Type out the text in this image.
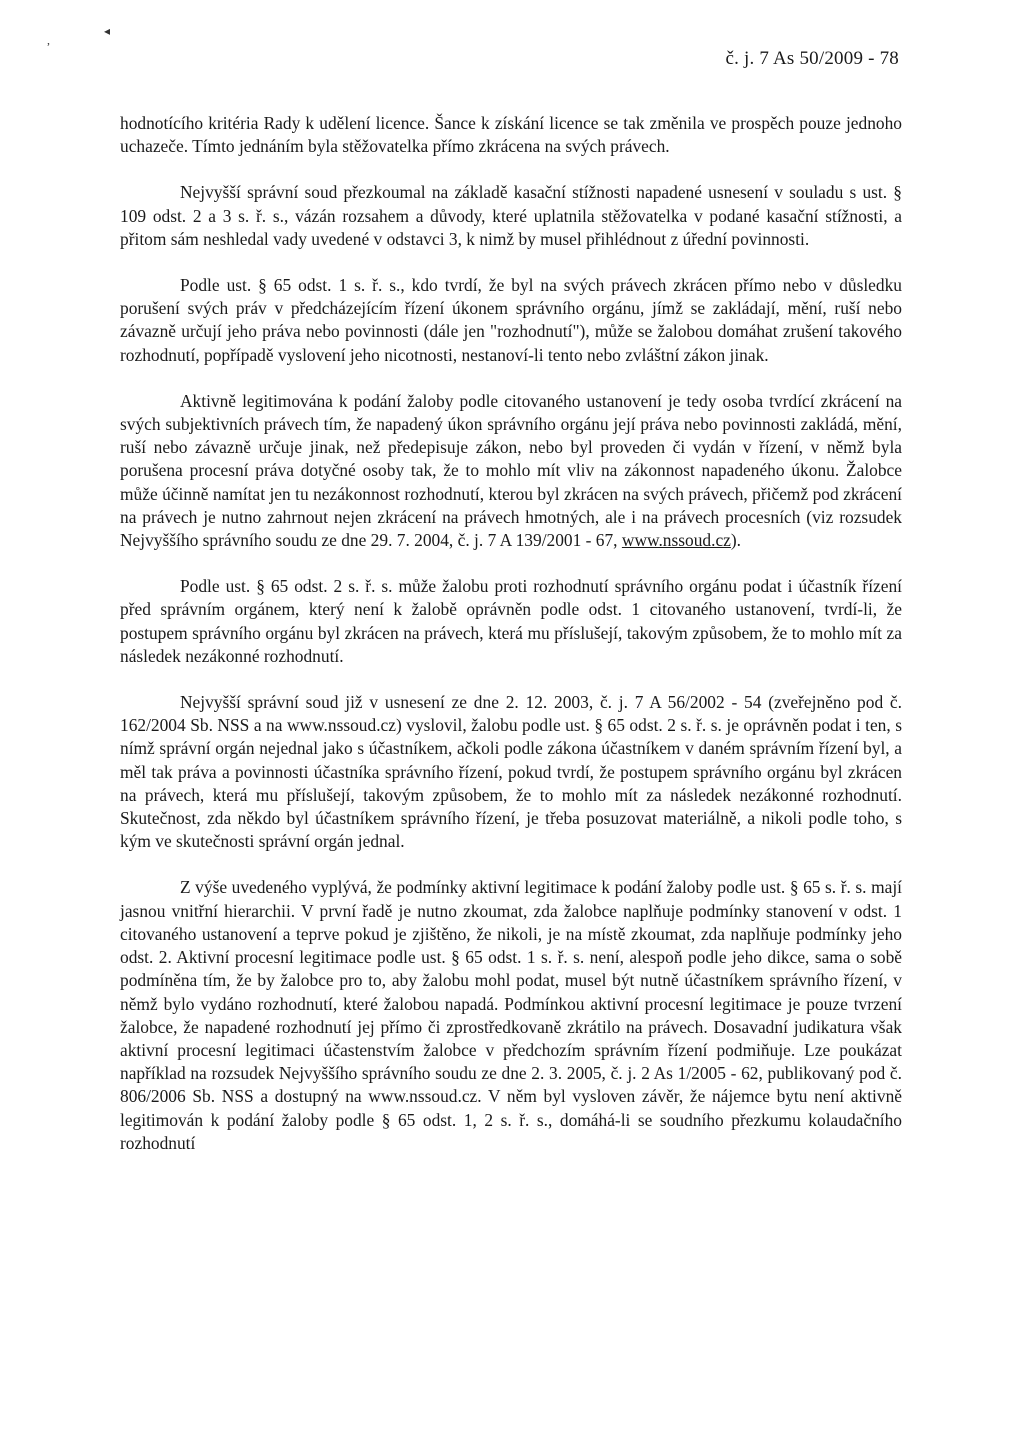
,
◂
č. j. 7 As 50/2009 - 78

hodnotícího kritéria Rady k udělení licence. Šance k získání licence se tak změnila ve prospěch pouze jednoho uchazeče. Tímto jednáním byla stěžovatelka přímo zkrácena na svých právech.

Nejvyšší správní soud přezkoumal na základě kasační stížnosti napadené usnesení v souladu s ust. § 109 odst. 2 a 3 s. ř. s., vázán rozsahem a důvody, které uplatnila stěžovatelka v podané kasační stížnosti, a přitom sám neshledal vady uvedené v odstavci 3, k nimž by musel přihlédnout z úřední povinnosti.

Podle ust. § 65 odst. 1 s. ř. s., kdo tvrdí, že byl na svých právech zkrácen přímo nebo v důsledku porušení svých práv v předcházejícím řízení úkonem správního orgánu, jímž se zakládají, mění, ruší nebo závazně určují jeho práva nebo povinnosti (dále jen "rozhodnutí"), může se žalobou domáhat zrušení takového rozhodnutí, popřípadě vyslovení jeho nicotnosti, nestanoví-li tento nebo zvláštní zákon jinak.

Aktivně legitimována k podání žaloby podle citovaného ustanovení je tedy osoba tvrdící zkrácení na svých subjektivních právech tím, že napadený úkon správního orgánu její práva nebo povinnosti zakládá, mění, ruší nebo závazně určuje jinak, než předepisuje zákon, nebo byl proveden či vydán v řízení, v němž byla porušena procesní práva dotyčné osoby tak, že to mohlo mít vliv na zákonnost napadeného úkonu. Žalobce může účinně namítat jen tu nezákonnost rozhodnutí, kterou byl zkrácen na svých právech, přičemž pod zkrácení na právech je nutno zahrnout nejen zkrácení na právech hmotných, ale i na právech procesních (viz rozsudek Nejvyššího správního soudu ze dne 29. 7. 2004, č. j. 7 A 139/2001 - 67, www.nssoud.cz).

Podle ust. § 65 odst. 2 s. ř. s. může žalobu proti rozhodnutí správního orgánu podat i účastník řízení před správním orgánem, který není k žalobě oprávněn podle odst. 1 citovaného ustanovení, tvrdí-li, že postupem správního orgánu byl zkrácen na právech, která mu příslušejí, takovým způsobem, že to mohlo mít za následek nezákonné rozhodnutí.

Nejvyšší správní soud již v usnesení ze dne 2. 12. 2003, č. j. 7 A 56/2002 - 54 (zveřejněno pod č. 162/2004 Sb. NSS a na www.nssoud.cz) vyslovil, žalobu podle ust. § 65 odst. 2 s. ř. s. je oprávněn podat i ten, s nímž správní orgán nejednal jako s účastníkem, ačkoli podle zákona účastníkem v daném správním řízení byl, a měl tak práva a povinnosti účastníka správního řízení, pokud tvrdí, že postupem správního orgánu byl zkrácen na právech, která mu příslušejí, takovým způsobem, že to mohlo mít za následek nezákonné rozhodnutí. Skutečnost, zda někdo byl účastníkem správního řízení, je třeba posuzovat materiálně, a nikoli podle toho, s kým ve skutečnosti správní orgán jednal.

Z výše uvedeného vyplývá, že podmínky aktivní legitimace k podání žaloby podle ust. § 65 s. ř. s. mají jasnou vnitřní hierarchii. V první řadě je nutno zkoumat, zda žalobce naplňuje podmínky stanovení v odst. 1 citovaného ustanovení a teprve pokud je zjištěno, že nikoli, je na místě zkoumat, zda naplňuje podmínky jeho odst. 2. Aktivní procesní legitimace podle ust. § 65 odst. 1 s. ř. s. není, alespoň podle jeho dikce, sama o sobě podmíněna tím, že by žalobce pro to, aby žalobu mohl podat, musel být nutně účastníkem správního řízení, v němž bylo vydáno rozhodnutí, které žalobou napadá. Podmínkou aktivní procesní legitimace je pouze tvrzení žalobce, že napadené rozhodnutí jej přímo či zprostředkovaně zkrátilo na právech. Dosavadní judikatura však aktivní procesní legitimaci účastenstvím žalobce v předchozím správním řízení podmiňuje. Lze poukázat například na rozsudek Nejvyššího správního soudu ze dne 2. 3. 2005, č. j. 2 As 1/2005 - 62, publikovaný pod č. 806/2006 Sb. NSS a dostupný na www.nssoud.cz. V něm byl vysloven závěr, že nájemce bytu není aktivně legitimován k podání žaloby podle § 65 odst. 1, 2 s. ř. s., domáhá-li se soudního přezkumu kolaudačního rozhodnutí
